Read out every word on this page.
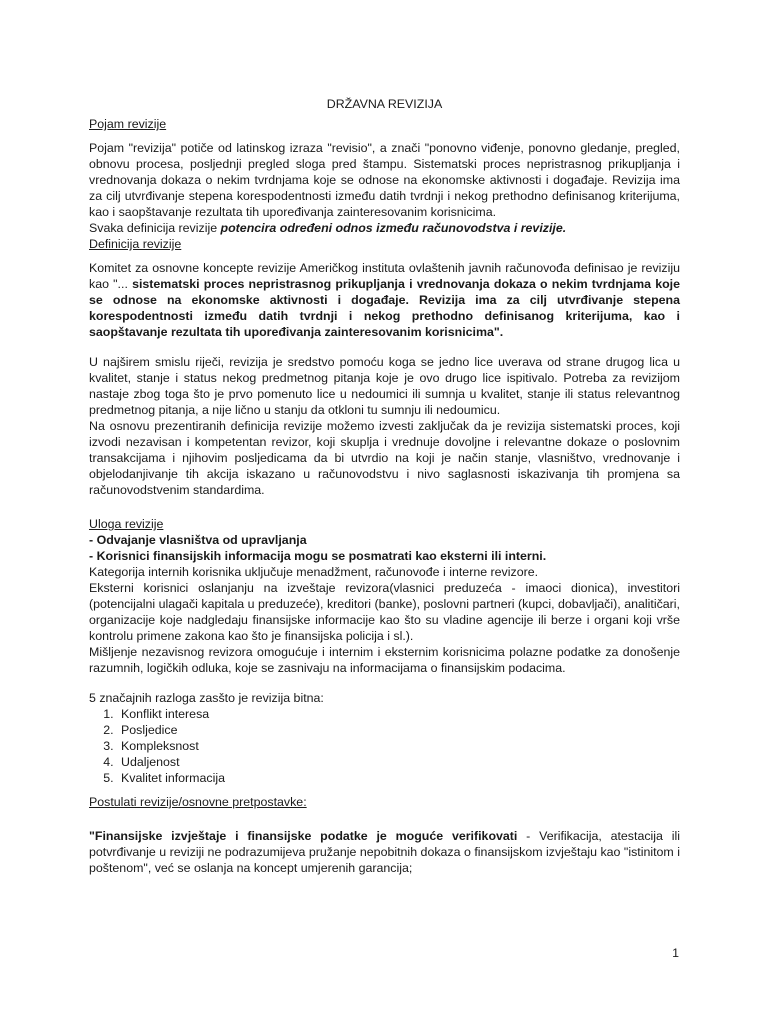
DRŽAVNA REVIZIJA
Pojam revizije

Pojam "revizija" potiče od latinskog izraza "revisio", a znači "ponovno viđenje, ponovno gledanje, pregled, obnovu procesa, posljednji pregled sloga pred štampu. Sistematski proces nepristrasnog prikupljanja i vrednovanja dokaza o nekim tvrdnjama koje se odnose na ekonomske aktivnosti i događaje. Revizija ima za cilj utvrđivanje stepena korespodentnosti između datih tvrdnji i nekog prethodno definisanog kriterijuma, kao i saopštavanje rezultata tih upoređivanja zainteresovanim korisnicima.

Svaka definicija revizije potencira određeni odnos između računovodstva i revizije.

Definicija revizije

Komitet za osnovne koncepte revizije Američkog instituta ovlaštenih javnih računovođa definisao je reviziju kao "... sistematski proces nepristrasnog prikupljanja i vrednovanja dokaza o nekim tvrdnjama koje se odnose na ekonomske aktivnosti i događaje. Revizija ima za cilj utvrđivanje stepena korespodentnosti između datih tvrdnji i nekog prethodno definisanog kriterijuma, kao i saopštavanje rezultata tih upoređivanja zainteresovanim korisnicima".

U najširem smislu riječi, revizija je sredstvo pomoću koga se jedno lice uverava od strane drugog lica u kvalitet, stanje i status nekog predmetnog pitanja koje je ovo drugo lice ispitivalo. Potreba za revizijom nastaje zbog toga što je prvo pomenuto lice u nedoumici ili sumnja u kvalitet, stanje ili status relevantnog predmetnog pitanja, a nije lično u stanju da otkloni tu sumnju ili nedoumicu.

Na osnovu prezentiranih definicija revizije možemo izvesti zaključak da je revizija sistematski proces, koji izvodi nezavisan i kompetentan revizor, koji skuplja i vrednuje dovoljne i relevantne dokaze o poslovnim transakcijama i njihovim posljedicama da bi utvrdio na koji je način stanje, vlasništvo, vrednovanje i objelodanjivanje tih akcija iskazano u računovodstvu i nivo saglasnosti iskazivanja tih promjena sa računovodstvenim standardima.

Uloga revizije
- Odvajanje vlasništva od upravljanja
- Korisnici finansijskih informacija mogu se posmatrati kao eksterni ili interni.

Kategorija internih korisnika uključuje menadžment, računovođe i interne revizore.

Eksterni korisnici oslanjanju na izveštaje revizora(vlasnici preduzeća - imaoci dionica), investitori (potencijalni ulagači kapitala u preduzeće), kreditori (banke), poslovni partneri (kupci, dobavljači), analitičari, organizacije koje nadgledaju finansijske informacije kao što su vladine agencije ili berze i organi koji vrše kontrolu primene zakona kao što je finansijska policija i sl.).

Mišljenje nezavisnog revizora omogućuje i internim i eksternim korisnicima polazne podatke za donošenje razumnih, logičkih odluka, koje se zasnivaju na informacijama o finansijskim podacima.

5 značajnih razloga zasšto je revizija bitna:
1. Konflikt interesa
2. Posljedice
3. Kompleksnost
4. Udaljenost
5. Kvalitet informacija
Postulati revizije/osnovne pretpostavke:

"Finansijske izvještaje i finansijske podatke je moguće verifikovati - Verifikacija, atestacija ili potvrđivanje u reviziji ne podrazumijeva pružanje nepobitnih dokaza o finansijskom izvještaju kao "istinitom i poštenom", već se oslanja na koncept umjerenih garancija;

1
